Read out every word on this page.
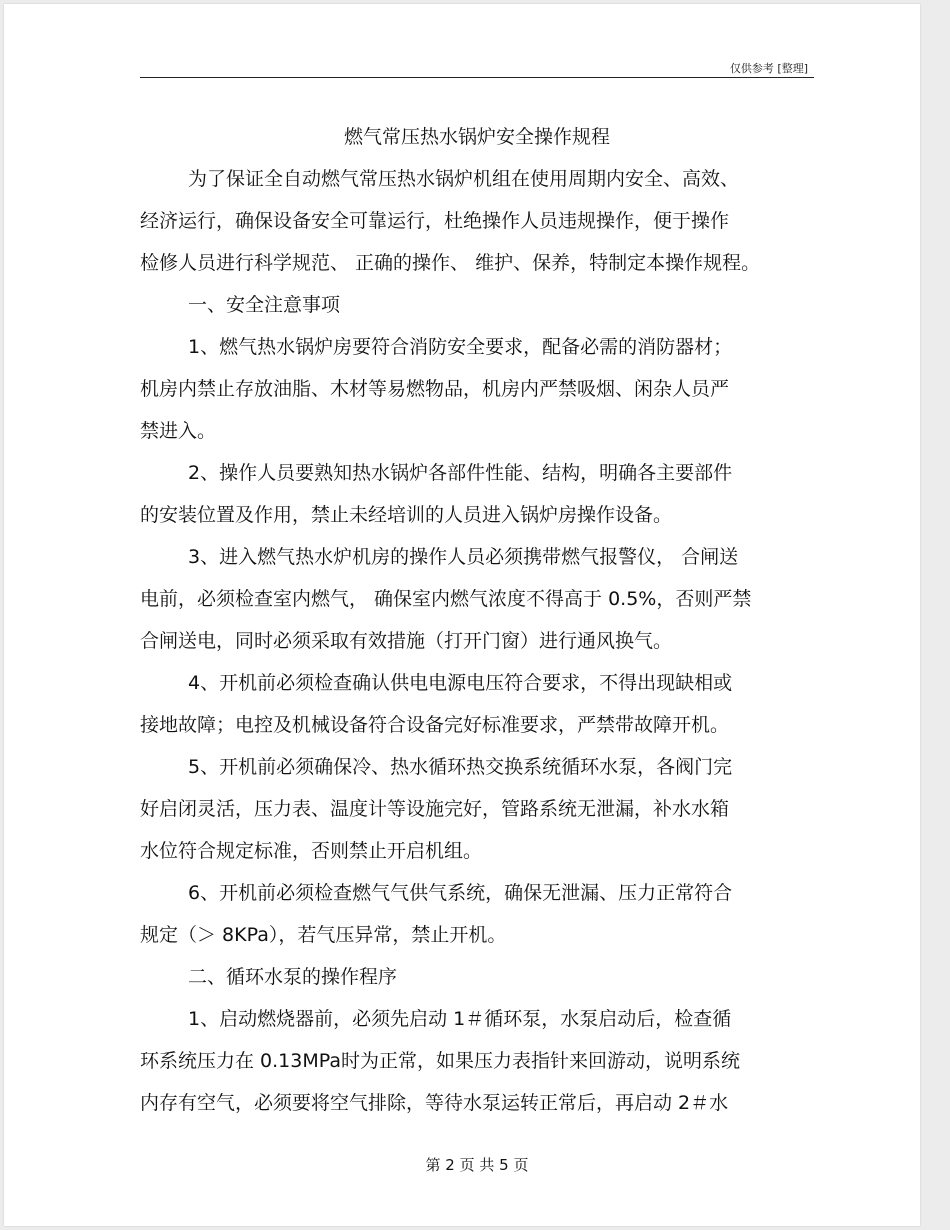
仅供参考 [整理]
燃气常压热水锅炉安全操作规程
为了保证全自动燃气常压热水锅炉机组在使用周期内安全、高效、
经济运行，确保设备安全可靠运行，杜绝操作人员违规操作，便于操作
检修人员进行科学规范、 正确的操作、 维护、保养，特制定本操作规程。
一、安全注意事项
1、燃气热水锅炉房要符合消防安全要求，配备必需的消防器材；
机房内禁止存放油脂、木材等易燃物品，机房内严禁吸烟、闲杂人员严
禁进入。
2、操作人员要熟知热水锅炉各部件性能、结构，明确各主要部件
的安装位置及作用，禁止未经培训的人员进入锅炉房操作设备。
3、进入燃气热水炉机房的操作人员必须携带燃气报警仪， 合闸送
电前，必须检查室内燃气， 确保室内燃气浓度不得高于 0.5%，否则严禁
合闸送电，同时必须采取有效措施（打开门窗）进行通风换气。
4、开机前必须检查确认供电电源电压符合要求，不得出现缺相或
接地故障；电控及机械设备符合设备完好标准要求，严禁带故障开机。
5、开机前必须确保冷、热水循环热交换系统循环水泵，各阀门完
好启闭灵活，压力表、温度计等设施完好，管路系统无泄漏，补水水箱
水位符合规定标准，否则禁止开启机组。
6、开机前必须检查燃气气供气系统，确保无泄漏、压力正常符合
规定（＞ 8KPa），若气压异常，禁止开机。
二、循环水泵的操作程序
1、启动燃烧器前，必须先启动 1＃循环泵，水泵启动后，检查循
环系统压力在 0.13MPa时为正常，如果压力表指针来回游动，说明系统
内存有空气，必须要将空气排除，等待水泵运转正常后，再启动 2＃水
第 2 页 共 5 页
